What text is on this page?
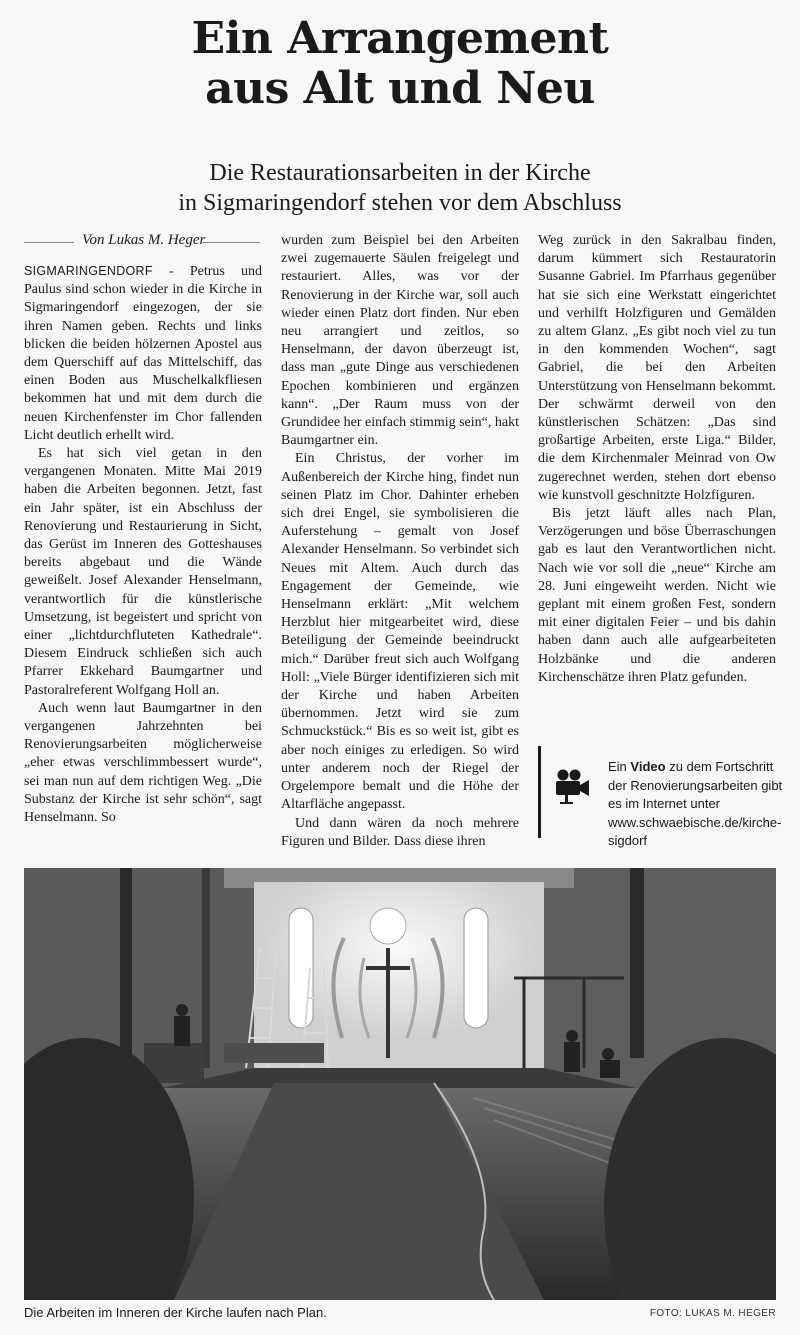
Ein Arrangement
aus Alt und Neu
Die Restaurationsarbeiten in der Kirche
in Sigmaringendorf stehen vor dem Abschluss
Von Lukas M. Heger

SIGMARINGENDORF - Petrus und Paulus sind schon wieder in die Kirche in Sigmaringendorf eingezogen, der sie ihren Namen geben. Rechts und links blicken die beiden hölzernen Apostel aus dem Querschiff auf das Mittelschiff, das einen Boden aus Muschelkalkfliesen bekommen hat und mit dem durch die neuen Kirchenfenster im Chor fallenden Licht deutlich erhellt wird.

Es hat sich viel getan in den vergangenen Monaten. Mitte Mai 2019 haben die Arbeiten begonnen. Jetzt, fast ein Jahr später, ist ein Abschluss der Renovierung und Restaurierung in Sicht, das Gerüst im Inneren des Gotteshauses bereits abgebaut und die Wände geweißelt. Josef Alexander Henselmann, verantwortlich für die künstlerische Umsetzung, ist begeistert und spricht von einer „lichtdurchfluteten Kathedrale“. Diesem Eindruck schließen sich auch Pfarrer Ekkehard Baumgartner und Pastoralreferent Wolfgang Holl an.

Auch wenn laut Baumgartner in den vergangenen Jahrzehnten bei Renovierungsarbeiten möglicherweise „eher etwas verschlimmbessert wurde“, sei man nun auf dem richtigen Weg. „Die Substanz der Kirche ist sehr schön“, sagt Henselmann. So

wurden zum Beispiel bei den Arbeiten zwei zugemauerte Säulen freigelegt und restauriert. Alles, was vor der Renovierung in der Kirche war, soll auch wieder einen Platz dort finden. Nur eben neu arrangiert und zeitlos, so Henselmann, der davon überzeugt ist, dass man „gute Dinge aus verschiedenen Epochen kombinieren und ergänzen kann“. „Der Raum muss von der Grundidee her einfach stimmig sein“, hakt Baumgartner ein.

Ein Christus, der vorher im Außenbereich der Kirche hing, findet nun seinen Platz im Chor. Dahinter erheben sich drei Engel, sie symbolisieren die Auferstehung – gemalt von Josef Alexander Henselmann. So verbindet sich Neues mit Altem. Auch durch das Engagement der Gemeinde, wie Henselmann erklärt: „Mit welchem Herzblut hier mitgearbeitet wird, diese Beteiligung der Gemeinde beeindruckt mich.“ Darüber freut sich auch Wolfgang Holl: „Viele Bürger identifizieren sich mit der Kirche und haben Arbeiten übernommen. Jetzt wird sie zum Schmuckstück.“ Bis es so weit ist, gibt es aber noch einiges zu erledigen. So wird unter anderem noch der Riegel der Orgelempore bemalt und die Höhe der Altarfläche angepasst.

Und dann wären da noch mehrere Figuren und Bilder. Dass diese ihren

Weg zurück in den Sakralbau finden, darum kümmert sich Restauratorin Susanne Gabriel. Im Pfarrhaus gegenüber hat sie sich eine Werkstatt eingerichtet und verhilft Holzfiguren und Gemälden zu altem Glanz. „Es gibt noch viel zu tun in den kommenden Wochen“, sagt Gabriel, die bei den Arbeiten Unterstützung von Henselmann bekommt. Der schwärmt derweil von den künstlerischen Schätzen: „Das sind großartige Arbeiten, erste Liga.“ Bilder, die dem Kirchenmaler Meinrad von Ow zugerechnet werden, stehen dort ebenso wie kunstvoll geschnitzte Holzfiguren.

Bis jetzt läuft alles nach Plan, Verzögerungen und böse Überraschungen gab es laut den Verantwortlichen nicht. Nach wie vor soll die „neue“ Kirche am 28. Juni eingeweiht werden. Nicht wie geplant mit einem großen Fest, sondern mit einer digitalen Feier – und bis dahin haben dann auch alle aufgearbeiteten Holzbänke und die anderen Kirchenschätze ihren Platz gefunden.

Ein Video zu dem Fortschritt der Renovierungsarbeiten gibt es im Internet unter www.schwaebische.de/kirche-sigdorf
Die Arbeiten im Inneren der Kirche laufen nach Plan.	FOTO: LUKAS M. HEGER
